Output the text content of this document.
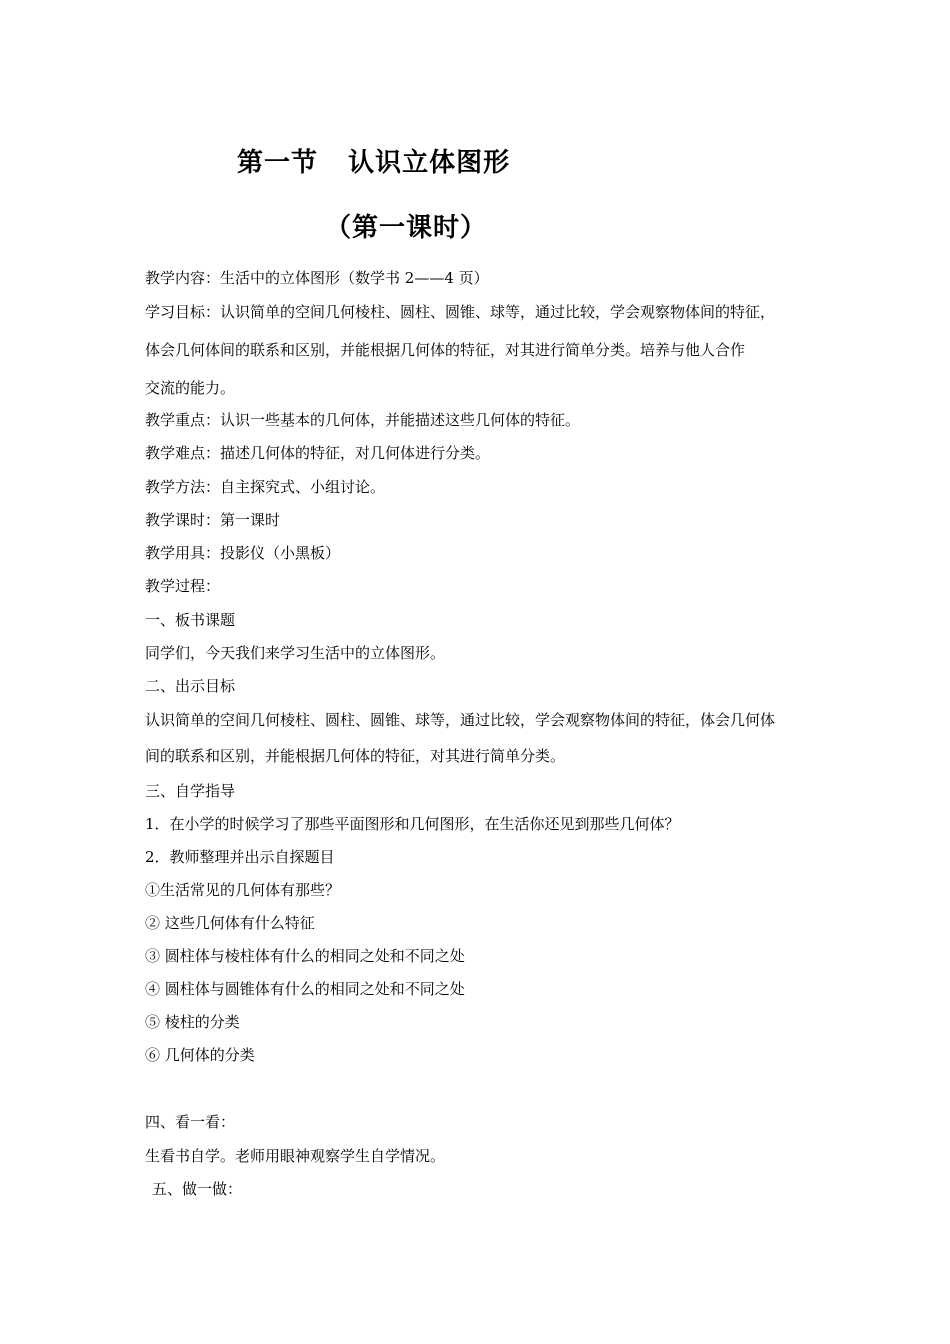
第一节   认识立体图形
（第一课时）
教学内容：生活中的立体图形（数学书 2——4 页）
学习目标：认识简单的空间几何棱柱、圆柱、圆锥、球等，通过比较，学会观察物体间的特征，
体会几何体间的联系和区别，并能根据几何体的特征，对其进行简单分类。培养与他人合作
交流的能力。
教学重点：认识一些基本的几何体，并能描述这些几何体的特征。
教学难点：描述几何体的特征，对几何体进行分类。
教学方法：自主探究式、小组讨论。
教学课时：第一课时
教学用具：投影仪（小黑板）
教学过程：
一、板书课题
同学们，今天我们来学习生活中的立体图形。
二、出示目标
认识简单的空间几何棱柱、圆柱、圆锥、球等，通过比较，学会观察物体间的特征，体会几何体
间的联系和区别，并能根据几何体的特征，对其进行简单分类。
三、自学指导
1．在小学的时候学习了那些平面图形和几何图形，在生活你还见到那些几何体？
2．教师整理并出示自探题目
①生活常见的几何体有那些？
② 这些几何体有什么特征
③ 圆柱体与棱柱体有什么的相同之处和不同之处
④ 圆柱体与圆锥体有什么的相同之处和不同之处
⑤ 棱柱的分类
⑥ 几何体的分类
四、看一看：
生看书自学。老师用眼神观察学生自学情况。
五、做一做：
